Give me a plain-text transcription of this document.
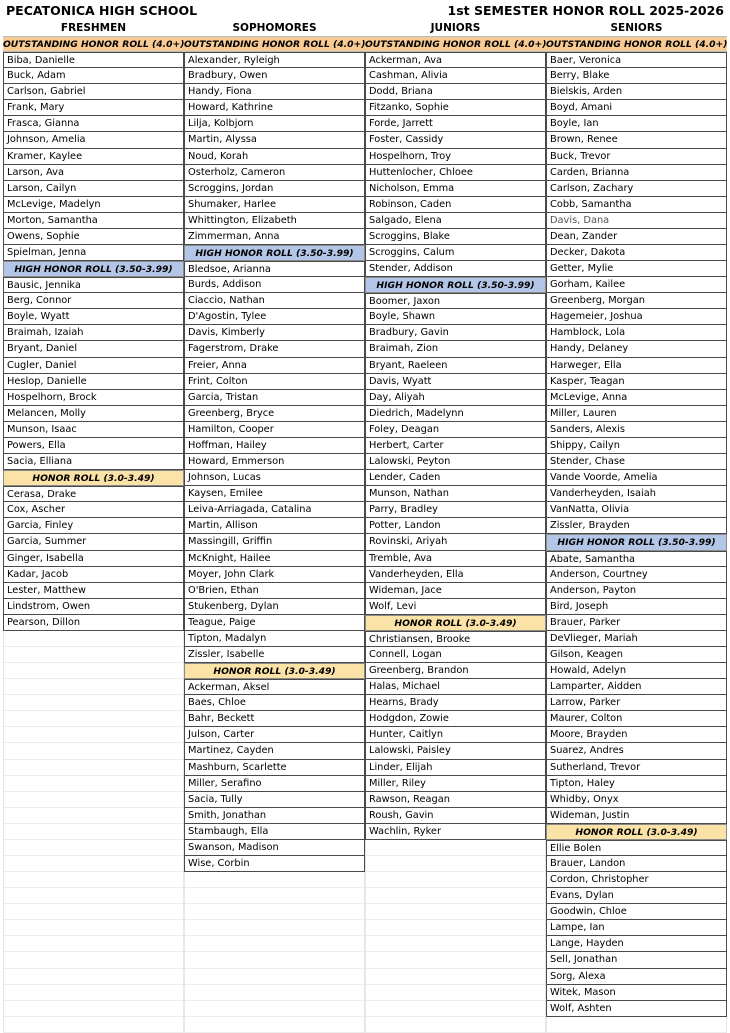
PECATONICA HIGH SCHOOL	1st SEMESTER HONOR ROLL 2025-2026
FRESHMEN
OUTSTANDING HONOR ROLL (4.0+)
Biba, Danielle
Buck, Adam
Carlson, Gabriel
Frank, Mary
Frasca, Gianna
Johnson, Amelia
Kramer, Kaylee
Larson, Ava
Larson, Cailyn
McLevige, Madelyn
Morton, Samantha
Owens, Sophie
Spielman, Jenna
HIGH HONOR ROLL (3.50-3.99)
Bausic, Jennika
Berg, Connor
Boyle, Wyatt
Braimah, Izaiah
Bryant, Daniel
Cugler, Daniel
Heslop, Danielle
Hospelhorn, Brock
Melancen, Molly
Munson, Isaac
Powers, Ella
Sacia, Elliana
HONOR ROLL (3.0-3.49)
Cerasa, Drake
Cox, Ascher
Garcia, Finley
Garcia, Summer
Ginger, Isabella
Kadar, Jacob
Lester, Matthew
Lindstrom, Owen
Pearson, Dillon
SOPHOMORES
OUTSTANDING HONOR ROLL (4.0+)
Alexander, Ryleigh
Bradbury, Owen
Handy, Fiona
Howard, Kathrine
Lilja, Kolbjorn
Martin, Alyssa
Noud, Korah
Osterholz, Cameron
Scroggins, Jordan
Shumaker, Harlee
Whittington, Elizabeth
Zimmerman, Anna
HIGH HONOR ROLL (3.50-3.99)
Bledsoe, Arianna
Burds, Addison
Ciaccio, Nathan
D'Agostin, Tylee
Davis, Kimberly
Fagerstrom, Drake
Freier, Anna
Frint, Colton
Garcia, Tristan
Greenberg, Bryce
Hamilton, Cooper
Hoffman, Hailey
Howard, Emmerson
Johnson, Lucas
Kaysen, Emilee
Leiva-Arriagada, Catalina
Martin, Allison
Massingill, Griffin
McKnight, Hailee
Moyer, John Clark
O'Brien, Ethan
Stukenberg, Dylan
Teague, Paige
Tipton, Madalyn
Zissler, Isabelle
HONOR ROLL (3.0-3.49)
Ackerman, Aksel
Baes, Chloe
Bahr, Beckett
Julson, Carter
Martinez, Cayden
Mashburn, Scarlette
Miller, Serafino
Sacia, Tully
Smith, Jonathan
Stambaugh, Ella
Swanson, Madison
Wise, Corbin
JUNIORS
OUTSTANDING HONOR ROLL (4.0+)
Ackerman, Ava
Cashman, Alivia
Dodd, Briana
Fitzanko, Sophie
Forde, Jarrett
Foster, Cassidy
Hospelhorn, Troy
Huttenlocher, Chloee
Nicholson, Emma
Robinson, Caden
Salgado, Elena
Scroggins, Blake
Scroggins, Calum
Stender, Addison
HIGH HONOR ROLL (3.50-3.99)
Boomer, Jaxon
Boyle, Shawn
Bradbury, Gavin
Braimah, Zion
Bryant, Raeleen
Davis, Wyatt
Day, Aliyah
Diedrich, Madelynn
Foley, Deagan
Herbert, Carter
Lalowski, Peyton
Lender, Caden
Munson, Nathan
Parry, Bradley
Potter, Landon
Rovinski, Ariyah
Tremble, Ava
Vanderheyden, Ella
Wideman, Jace
Wolf, Levi
HONOR ROLL (3.0-3.49)
Christiansen, Brooke
Connell, Logan
Greenberg, Brandon
Halas, Michael
Hearns, Brady
Hodgdon, Zowie
Hunter, Caitlyn
Lalowski, Paisley
Linder, Elijah
Miller, Riley
Rawson, Reagan
Roush, Gavin
Wachlin, Ryker
SENIORS
OUTSTANDING HONOR ROLL (4.0+)
Baer, Veronica
Berry, Blake
Bielskis, Arden
Boyd, Amani
Boyle, Ian
Brown, Renee
Buck, Trevor
Carden, Brianna
Carlson, Zachary
Cobb, Samantha
Davis, Dana
Dean, Zander
Decker, Dakota
Getter, Mylie
Gorham, Kailee
Greenberg, Morgan
Hagemeier, Joshua
Hamblock, Lola
Handy, Delaney
Harweger, Ella
Kasper, Teagan
McLevige, Anna
Miller, Lauren
Sanders, Alexis
Shippy, Cailyn
Stender, Chase
Vande Voorde, Amelia
Vanderheyden, Isaiah
VanNatta, Olivia
Zissler, Brayden
HIGH HONOR ROLL (3.50-3.99)
Abate, Samantha
Anderson, Courtney
Anderson, Payton
Bird, Joseph
Brauer, Parker
DeVlieger, Mariah
Gilson, Keagen
Howald, Adelyn
Lamparter, Aidden
Larrow, Parker
Maurer, Colton
Moore, Brayden
Suarez, Andres
Sutherland, Trevor
Tipton, Haley
Whidby, Onyx
Wideman, Justin
HONOR ROLL (3.0-3.49)
Ellie Bolen
Brauer, Landon
Cordon, Christopher
Evans, Dylan
Goodwin, Chloe
Lampe, Ian
Lange, Hayden
Sell, Jonathan
Sorg, Alexa
Witek, Mason
Wolf, Ashten
